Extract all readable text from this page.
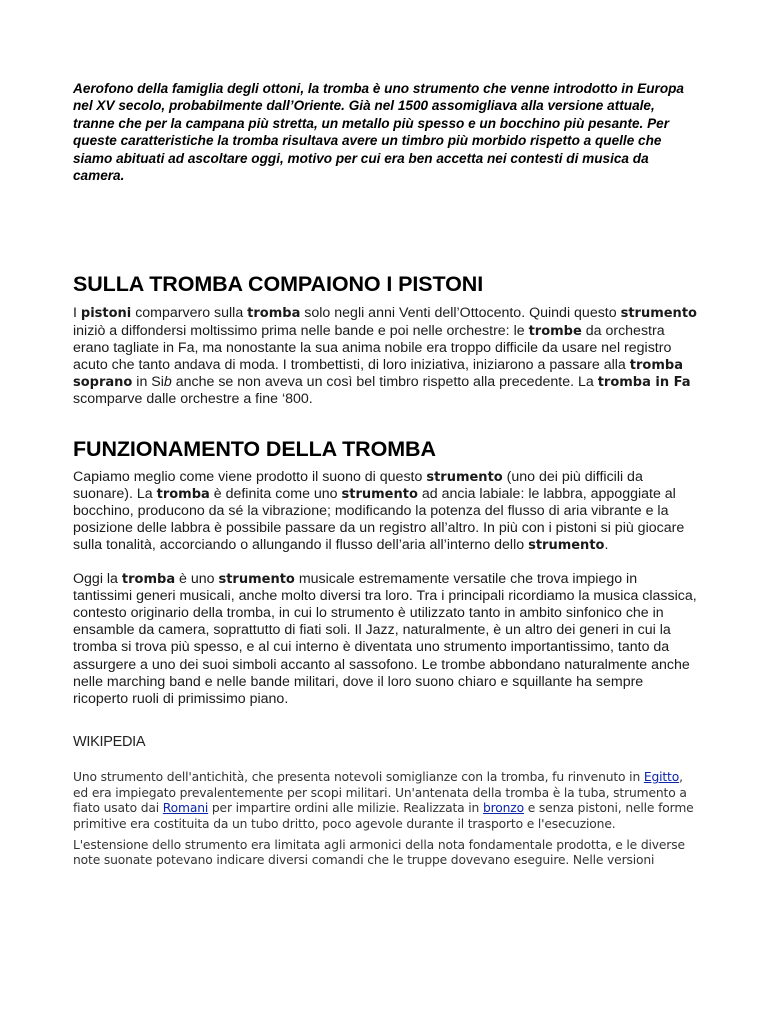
Aerofono della famiglia degli ottoni, la tromba è uno strumento che venne introdotto in Europa nel XV secolo, probabilmente dall’Oriente. Già nel 1500 assomigliava alla versione attuale, tranne che per la campana più stretta, un metallo più spesso e un bocchino più pesante. Per queste caratteristiche la tromba risultava avere un timbro più morbido rispetto a quelle che siamo abituati ad ascoltare oggi, motivo per cui era ben accetta nei contesti di musica da camera.

SULLA TROMBA COMPAIONO I PISTONI

I pistoni comparvero sulla tromba solo negli anni Venti dell’Ottocento. Quindi questo strumento iniziò a diffondersi moltissimo prima nelle bande e poi nelle orchestre: le trombe da orchestra erano tagliate in Fa, ma nonostante la sua anima nobile era troppo difficile da usare nel registro acuto che tanto andava di moda. I trombettisti, di loro iniziativa, iniziarono a passare alla tromba soprano in Sib anche se non aveva un così bel timbro rispetto alla precedente. La tromba in Fa scomparve dalle orchestre a fine ‘800.

FUNZIONAMENTO DELLA TROMBA

Capiamo meglio come viene prodotto il suono di questo strumento (uno dei più difficili da suonare). La tromba è definita come uno strumento ad ancia labiale: le labbra, appoggiate al bocchino, producono da sé la vibrazione; modificando la potenza del flusso di aria vibrante e la posizione delle labbra è possibile passare da un registro all’altro. In più con i pistoni si più giocare sulla tonalità, accorciando o allungando il flusso dell’aria all’interno dello strumento.

Oggi la tromba è uno strumento musicale estremamente versatile che trova impiego in tantissimi generi musicali, anche molto diversi tra loro. Tra i principali ricordiamo la musica classica, contesto originario della tromba, in cui lo strumento è utilizzato tanto in ambito sinfonico che in ensamble da camera, soprattutto di fiati soli. Il Jazz, naturalmente, è un altro dei generi in cui la tromba si trova più spesso, e al cui interno è diventata uno strumento importantissimo, tanto da assurgere a uno dei suoi simboli accanto al sassofono. Le trombe abbondano naturalmente anche nelle marching band e nelle bande militari, dove il loro suono chiaro e squillante ha sempre ricoperto ruoli di primissimo piano.

WIKIPEDIA

Uno strumento dell'antichità, che presenta notevoli somiglianze con la tromba, fu rinvenuto in Egitto, ed era impiegato prevalentemente per scopi militari. Un'antenata della tromba è la tuba, strumento a fiato usato dai Romani per impartire ordini alle milizie. Realizzata in bronzo e senza pistoni, nelle forme primitive era costituita da un tubo dritto, poco agevole durante il trasporto e l'esecuzione.

L'estensione dello strumento era limitata agli armonici della nota fondamentale prodotta, e le diverse note suonate potevano indicare diversi comandi che le truppe dovevano eseguire. Nelle versioni
